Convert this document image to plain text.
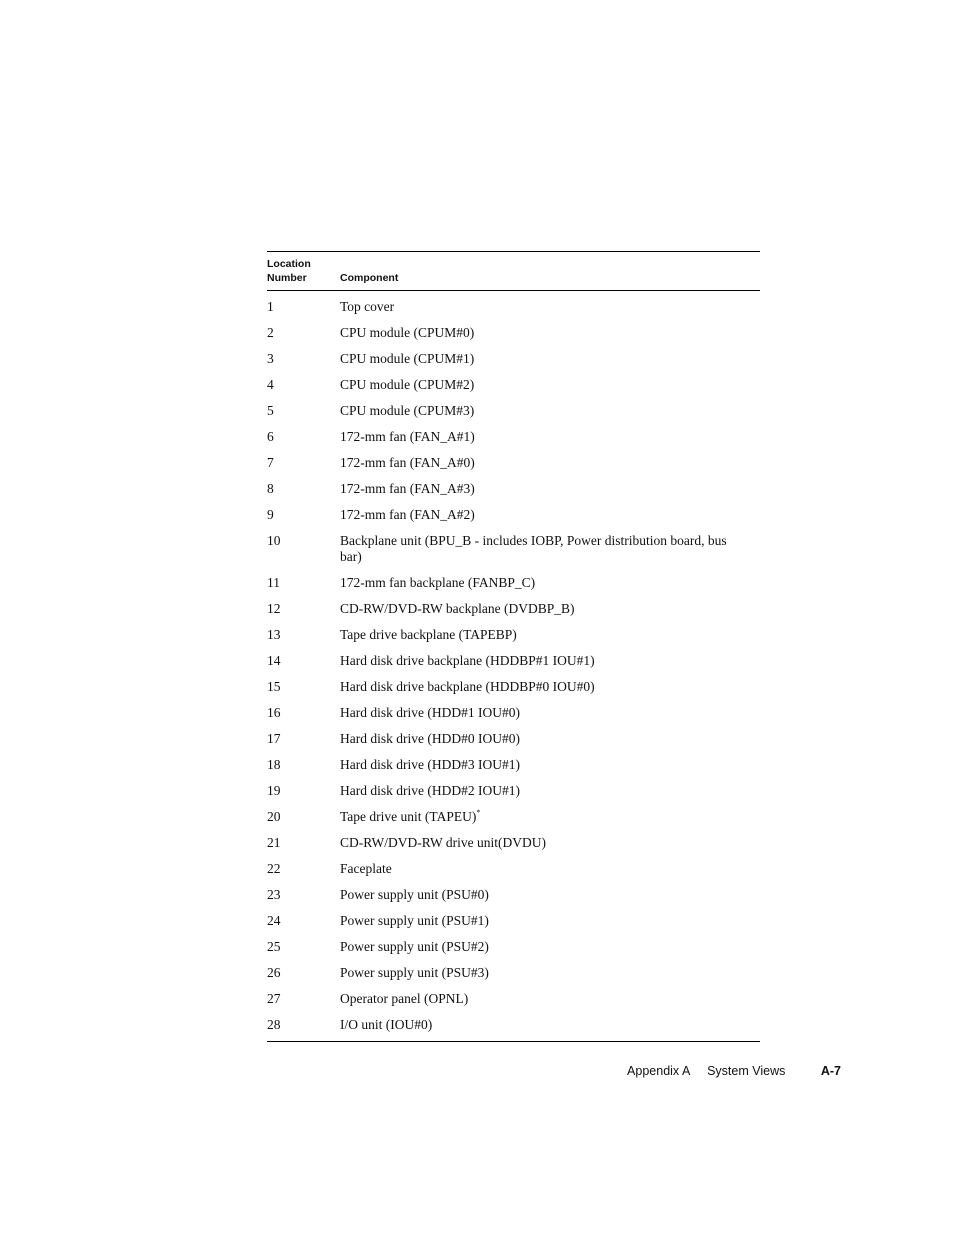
Location
Number	Component
1	Top cover
2	CPU module (CPUM#0)
3	CPU module (CPUM#1)
4	CPU module (CPUM#2)
5	CPU module (CPUM#3)
6	172-mm fan (FAN_A#1)
7	172-mm fan (FAN_A#0)
8	172-mm fan (FAN_A#3)
9	172-mm fan (FAN_A#2)
10	Backplane unit (BPU_B - includes IOBP, Power distribution board, bus bar)
11	172-mm fan backplane (FANBP_C)
12	CD-RW/DVD-RW backplane (DVDBP_B)
13	Tape drive backplane (TAPEBP)
14	Hard disk drive backplane (HDDBP#1 IOU#1)
15	Hard disk drive backplane (HDDBP#0 IOU#0)
16	Hard disk drive (HDD#1 IOU#0)
17	Hard disk drive (HDD#0 IOU#0)
18	Hard disk drive (HDD#3 IOU#1)
19	Hard disk drive (HDD#2 IOU#1)
20	Tape drive unit (TAPEU)*
21	CD-RW/DVD-RW drive unit(DVDU)
22	Faceplate
23	Power supply unit (PSU#0)
24	Power supply unit (PSU#1)
25	Power supply unit (PSU#2)
26	Power supply unit (PSU#3)
27	Operator panel (OPNL)
28	I/O unit (IOU#0)
Appendix A System Views	A-7
